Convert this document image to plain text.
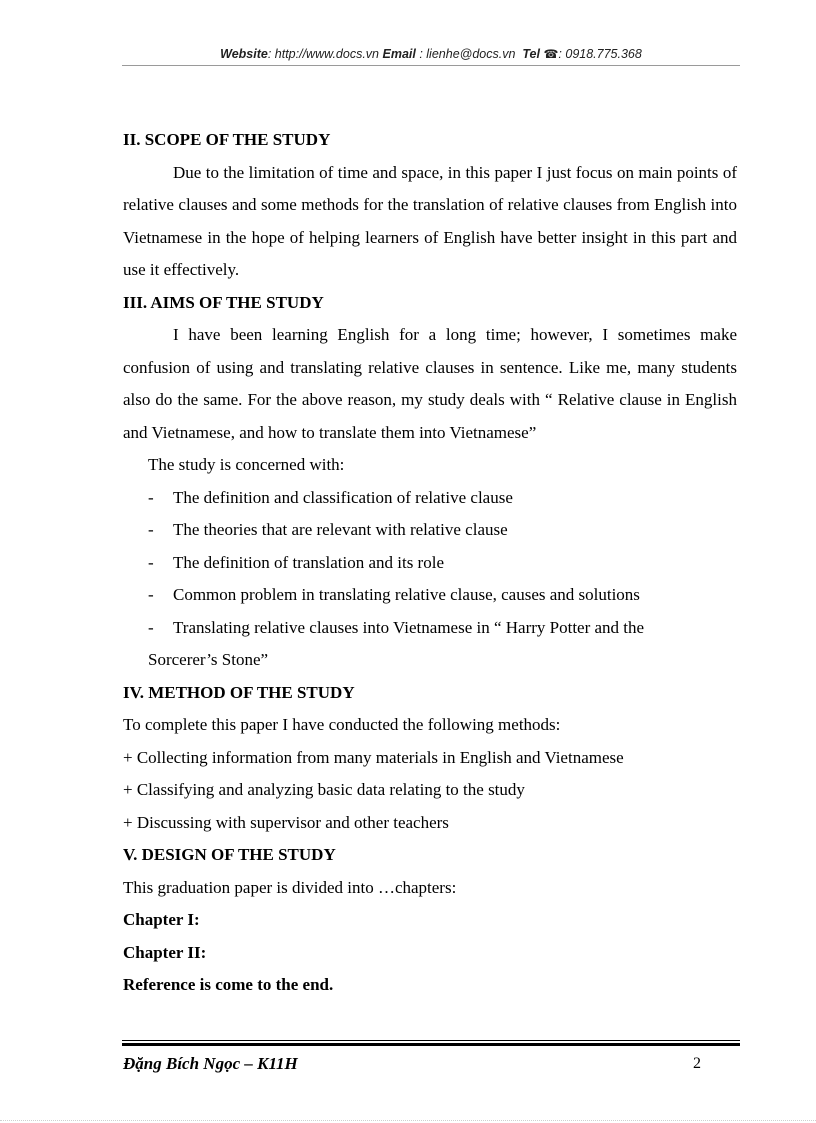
Website: http://www.docs.vn Email : lienhe@docs.vn Tel ☎: 0918.775.368

II. SCOPE OF THE STUDY

Due to the limitation of time and space, in this paper I just focus on main points of relative clauses and some methods for the translation of relative clauses from English into Vietnamese in the hope of helping learners of English have better insight in this part and use it effectively.

III. AIMS OF THE STUDY

I have been learning English for a long time; however, I sometimes make confusion of using and translating relative clauses in sentence. Like me, many students also do the same. For the above reason, my study deals with “ Relative clause in English and Vietnamese, and how to translate them into Vietnamese”

The study is concerned with:

-	The definition and classification of relative clause
-	The theories that are relevant with relative clause
-	The definition of translation and its role
-	Common problem in translating relative clause, causes and solutions
-	Translating relative clauses into Vietnamese in “ Harry Potter and the

Sorcerer’s Stone”

IV. METHOD OF THE STUDY

To complete this paper I have conducted the following methods:

+ Collecting information from many materials in English and Vietnamese

+ Classifying and analyzing basic data relating to the study

+ Discussing with supervisor and other teachers

V. DESIGN OF THE STUDY

This graduation paper is divided into …chapters:

Chapter I:

Chapter II:

Reference is come to the end.

Đặng Bích Ngọc – K11H	2
